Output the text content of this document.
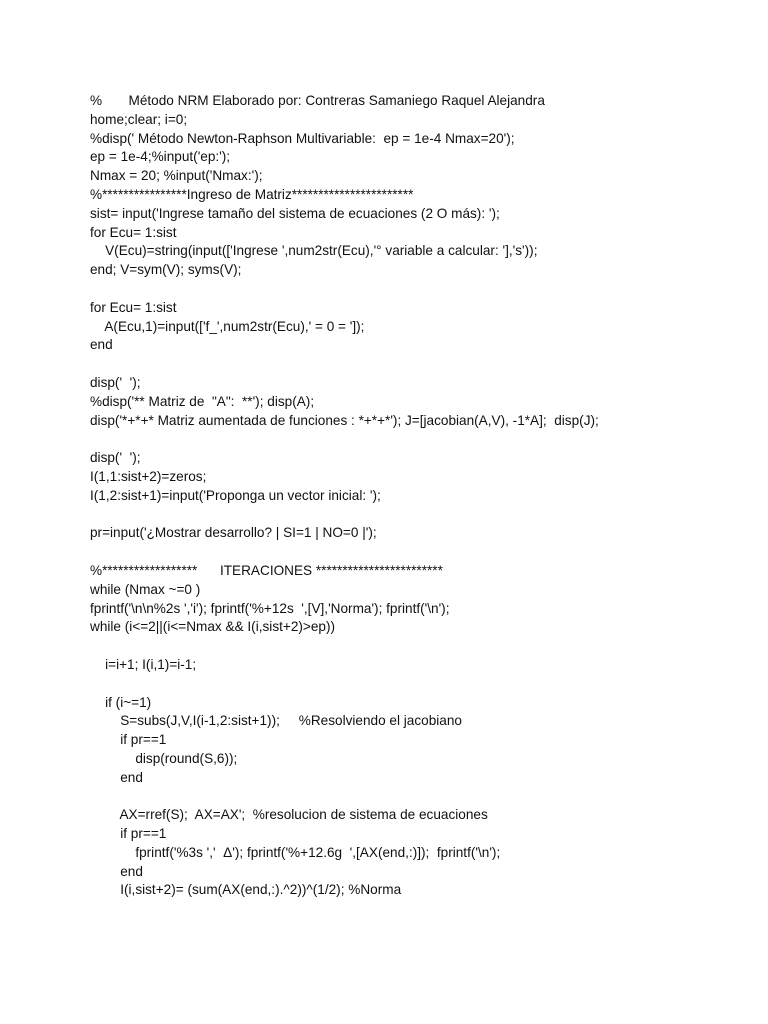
%       Método NRM Elaborado por: Contreras Samaniego Raquel Alejandra
home;clear; i=0;
%disp(' Método Newton-Raphson Multivariable:  ep = 1e-4 Nmax=20');
ep = 1e-4;%input('ep:');
Nmax = 20; %input('Nmax:');
%****************Ingreso de Matriz***********************
sist= input('Ingrese tamaño del sistema de ecuaciones (2 O más): ');
for Ecu= 1:sist
V(Ecu)=string(input(['Ingrese ',num2str(Ecu),'° variable a calcular: '],'s'));
end; V=sym(V); syms(V);
for Ecu= 1:sist
A(Ecu,1)=input(['f_',num2str(Ecu),' = 0 = ']);
end
disp('  ');
%disp('** Matriz de  "A":  **'); disp(A);
disp('*+*+* Matriz aumentada de funciones : *+*+*'); J=[jacobian(A,V), -1*A];  disp(J);
disp('  ');
I(1,1:sist+2)=zeros;
I(1,2:sist+1)=input('Proponga un vector inicial: ');
pr=input('¿Mostrar desarrollo? | SI=1 | NO=0 |');
%******************      ITERACIONES ************************
while (Nmax ~=0 )
fprintf('\n\n%2s ','i'); fprintf('%+12s  ',[V],'Norma'); fprintf('\n');
while (i<=2||(i<=Nmax && I(i,sist+2)>ep))
i=i+1; I(i,1)=i-1;
if (i~=1)
S=subs(J,V,I(i-1,2:sist+1));     %Resolviendo el jacobiano
if pr==1
disp(round(S,6));
end
AX=rref(S);  AX=AX';  %resolucion de sistema de ecuaciones
if pr==1
fprintf('%3s ','  Δ'); fprintf('%+12.6g  ',[AX(end,:)]);  fprintf('\n');
end
I(i,sist+2)= (sum(AX(end,:).^2))^(1/2); %Norma
